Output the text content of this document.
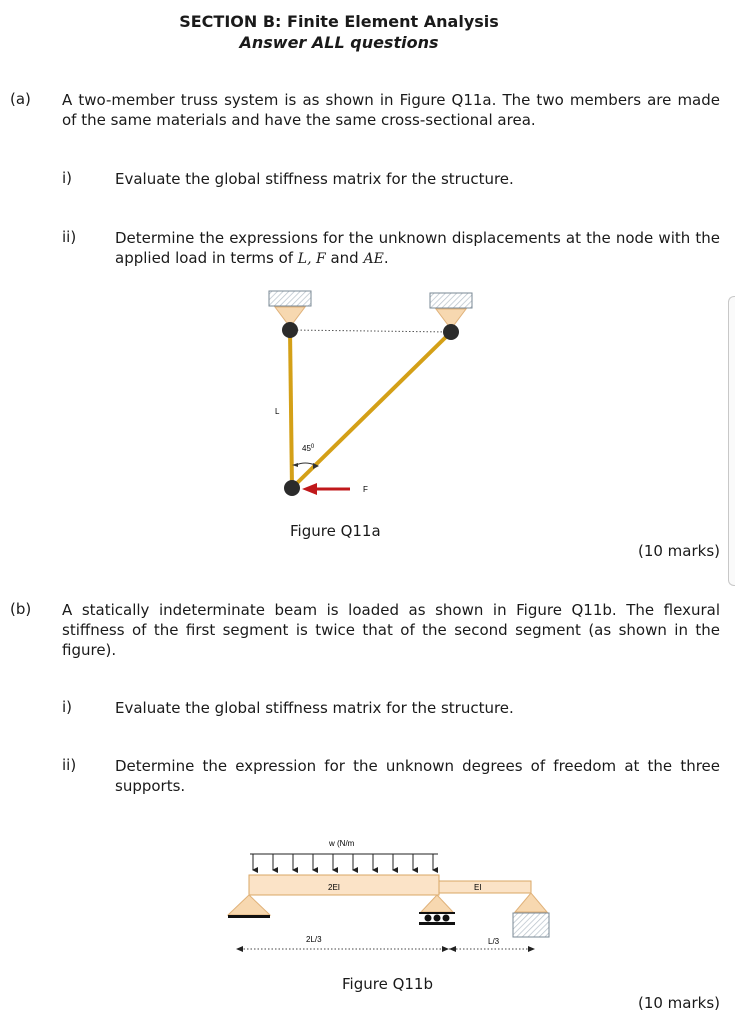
SECTION B: Finite Element Analysis
Answer ALL questions
(a) A two-member truss system is as shown in Figure Q11a. The two members are made of the same materials and have the same cross-sectional area.
i)	Evaluate the global stiffness matrix for the structure.
ii)	Determine the expressions for the unknown displacements at the node with the applied load in terms of L, F and AE.
$45^0$
L
F
Figure Q11a
(10 marks)
(b) A statically indeterminate beam is loaded as shown in Figure Q11b. The flexural stiffness of the first segment is twice that of the second segment (as shown in the figure).
i)	Evaluate the global stiffness matrix for the structure.
ii)	Determine the expression for the unknown degrees of freedom at the three supports.
w (N/m
2EI	EI
2L/3	L/3
Figure Q11b
(10 marks)
